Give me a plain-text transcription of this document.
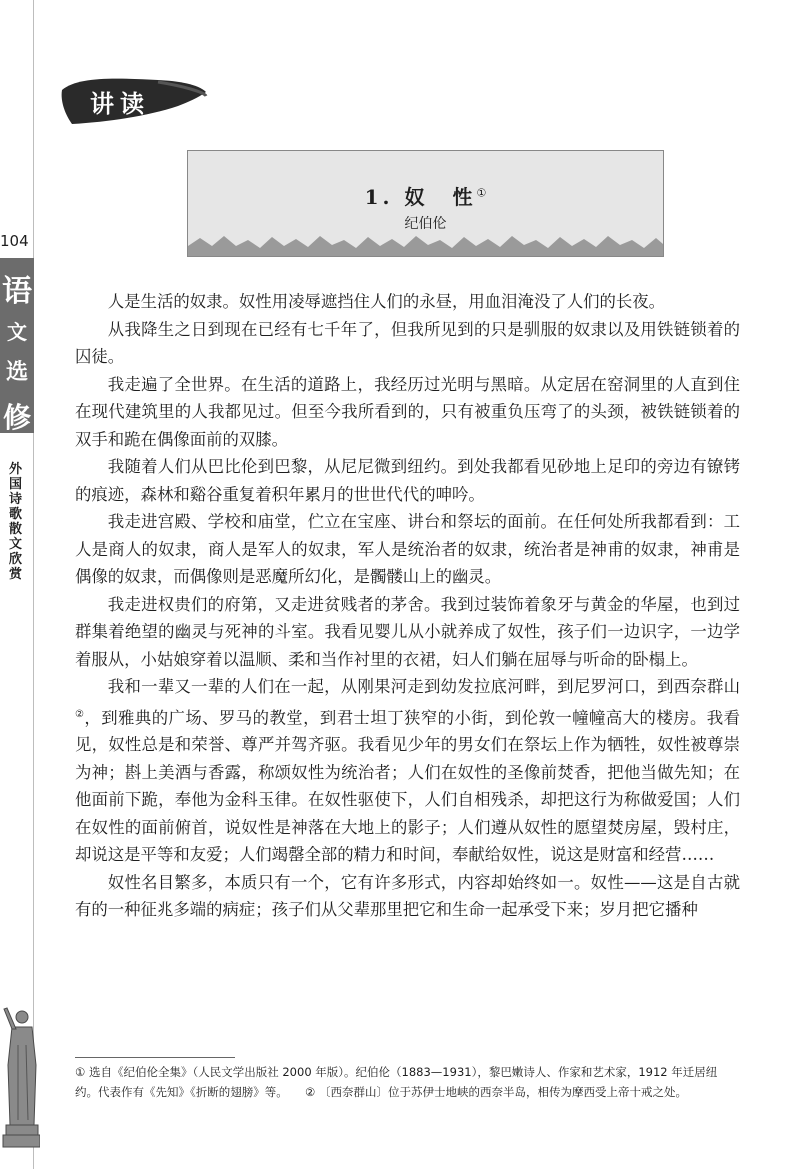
104
语
文
选
修
外国诗歌散文欣赏
讲读
1. 奴　性①
纪伯伦

人是生活的奴隶。奴性用凌辱遮挡住人们的永昼，用血泪淹没了人们的长夜。

从我降生之日到现在已经有七千年了，但我所见到的只是驯服的奴隶以及用铁链锁着的囚徒。

我走遍了全世界。在生活的道路上，我经历过光明与黑暗。从定居在窑洞里的人直到住在现代建筑里的人我都见过。但至今我所看到的，只有被重负压弯了的头颈，被铁链锁着的双手和跪在偶像面前的双膝。

我随着人们从巴比伦到巴黎，从尼尼微到纽约。到处我都看见砂地上足印的旁边有镣铐的痕迹，森林和谿谷重复着积年累月的世世代代的呻吟。

我走进宫殿、学校和庙堂，伫立在宝座、讲台和祭坛的面前。在任何处所我都看到：工人是商人的奴隶，商人是军人的奴隶，军人是统治者的奴隶，统治者是神甫的奴隶，神甫是偶像的奴隶，而偶像则是恶魔所幻化，是髑髅山上的幽灵。

我走进权贵们的府第，又走进贫贱者的茅舍。我到过装饰着象牙与黄金的华屋，也到过群集着绝望的幽灵与死神的斗室。我看见婴儿从小就养成了奴性，孩子们一边识字，一边学着服从，小姑娘穿着以温顺、柔和当作衬里的衣裙，妇人们躺在屈辱与听命的卧榻上。

我和一辈又一辈的人们在一起，从刚果河走到幼发拉底河畔，到尼罗河口，到西奈群山②，到雅典的广场、罗马的教堂，到君士坦丁狭窄的小街，到伦敦一幢幢高大的楼房。我看见，奴性总是和荣誉、尊严并驾齐驱。我看见少年的男女们在祭坛上作为牺牲，奴性被尊崇为神；斟上美酒与香露，称颂奴性为统治者；人们在奴性的圣像前焚香，把他当做先知；在他面前下跪，奉他为金科玉律。在奴性驱使下，人们自相残杀，却把这行为称做爱国；人们在奴性的面前俯首，说奴性是神落在大地上的影子；人们遵从奴性的愿望焚房屋，毁村庄，却说这是平等和友爱；人们竭罄全部的精力和时间，奉献给奴性，说这是财富和经营……

奴性名目繁多，本质只有一个，它有许多形式，内容却始终如一。奴性——这是自古就有的一种征兆多端的病症；孩子们从父辈那里把它和生命一起承受下来；岁月把它播种

① 选自《纪伯伦全集》（人民文学出版社 2000 年版）。纪伯伦（1883—1931），黎巴嫩诗人、作家和艺术家，1912 年迁居纽约。代表作有《先知》《折断的翅膀》等。　　② 〔西奈群山〕位于苏伊士地峡的西奈半岛，相传为摩西受上帝十戒之处。
